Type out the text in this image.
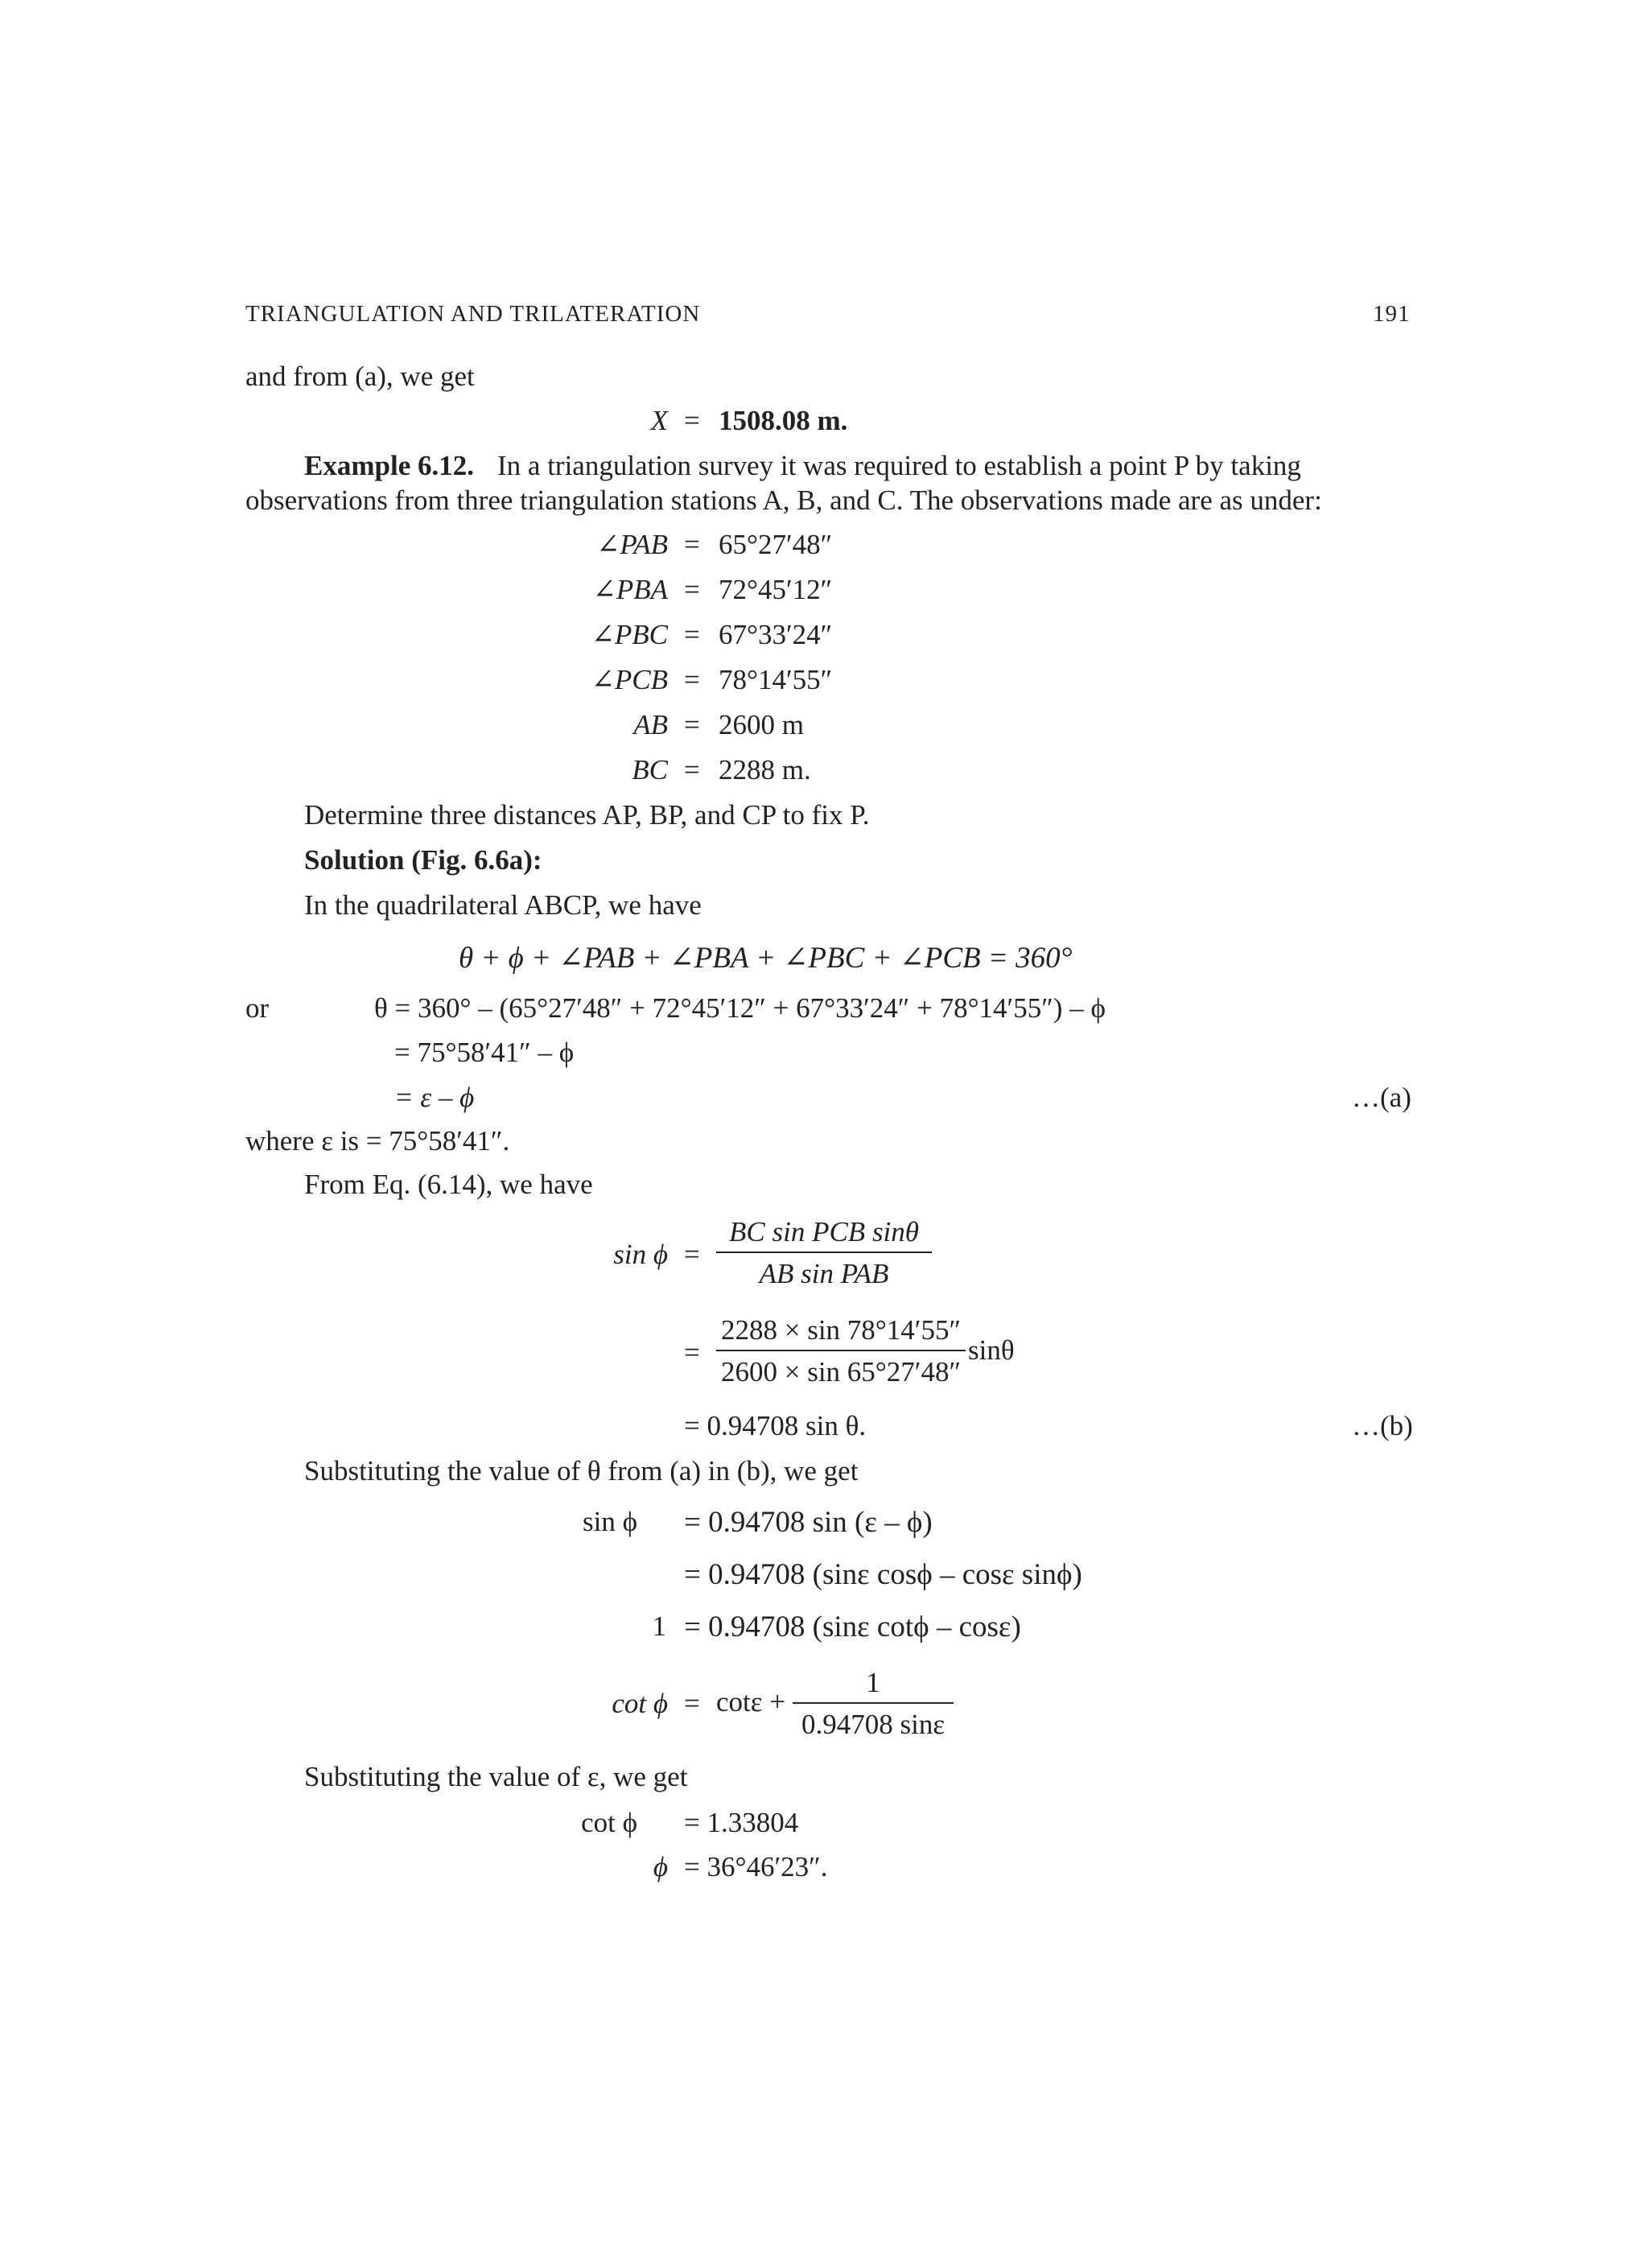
TRIANGULATION AND TRILATERATION	191
and from (a), we get
X = 1508.08 m.
Example 6.12. In a triangulation survey it was required to establish a point P by taking
observations from three triangulation stations A, B, and C. The observations made are as under:
∠PAB = 65°27′48″
∠PBA = 72°45′12″
∠PBC = 67°33′24″
∠PCB = 78°14′55″
AB = 2600 m
BC = 2288 m.
Determine three distances AP, BP, and CP to fix P.
Solution (Fig. 6.6a):
In the quadrilateral ABCP, we have
θ + ϕ + ∠PAB + ∠PBA + ∠PBC + ∠PCB = 360°
or	θ = 360° – (65°27′48″ + 72°45′12″ + 67°33′24″ + 78°14′55″) – ϕ
= 75°58′41″ – ϕ
= ε – ϕ	…(a)
where ε is = 75°58′41″.
From Eq. (6.14), we have
sin ϕ =
BC sin PCB sinθ
AB sin PAB
=
2288 × sin 78°14′55″
2600 × sin 65°27′48″
sinθ
= 0.94708 sin θ.	…(b)
Substituting the value of θ from (a) in (b), we get
sin ϕ = 0.94708 sin (ε – ϕ)
= 0.94708 (sinε cosϕ – cosε sinϕ)
1 = 0.94708 (sinε cotϕ – cosε)
cot ϕ = cotε +
1
0.94708 sinε
Substituting the value of ε, we get
cot ϕ = 1.33804
ϕ = 36°46′23″.
